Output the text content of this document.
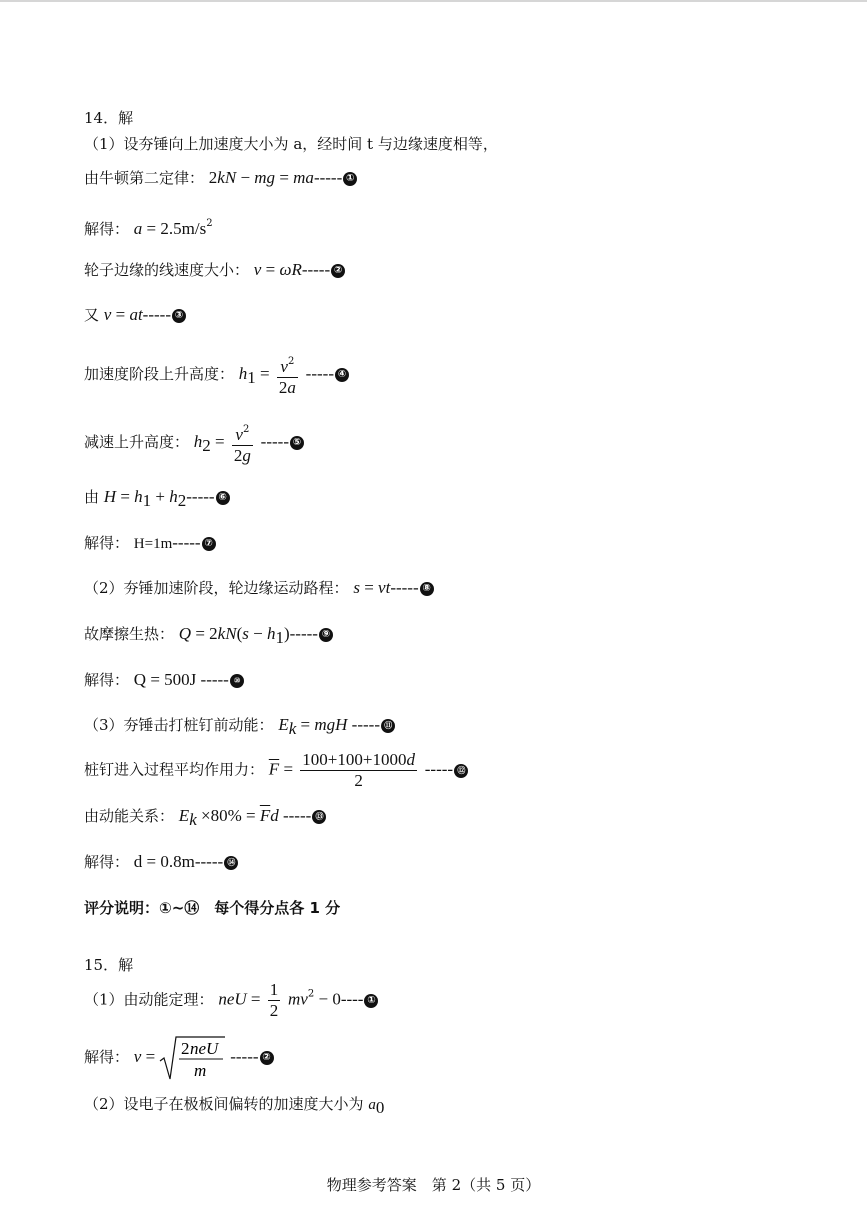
14．解
（1）设夯锤向上加速度大小为 a，经时间 t 与边缘速度相等，
由牛顿第二定律： 2kN − mg = ma----- ①
解得： $a = 2.5m/s^2$
轮子边缘的线速度大小： v = ωR----- ②
又 v = at----- ③
加速度阶段上升高度： $h_1 = \frac{v^2}{2a}$ ----- ④
减速上升高度： $h_2 = \frac{v^2}{2g}$ ----- ⑤
由 $H = h_1 + h_2-----$ ⑥
解得： H=1m----- ⑦
（2）夯锤加速阶段，轮边缘运动路程： s = vt----- ⑧
故摩擦生热： $Q = 2kN(s - h_1)-----$ ⑨
解得： Q = 500J ----- ⑩
（3）夯锤击打桩钉前动能： $E_k$ = mgH ----- ⑪
桩钉进入过程平均作用力： $\overline{F} = \frac{100+100+1000d}{2}$ ----- ⑫
由动能关系： $E_k \times 80\% = \overline{F}d$ ----- ⑬
解得： d = 0.8m----- ⑭
评分说明：①~⑭　每个得分点各 1 分
15．解
（1）由动能定理： neU = $\frac{1}{2} mv^2 - 0----$ ①
解得： v = 2 neU
m
----- ②
（2）设电子在极板间偏转的加速度大小为 $a_0$
物理参考答案　第 2（共 5 页）
